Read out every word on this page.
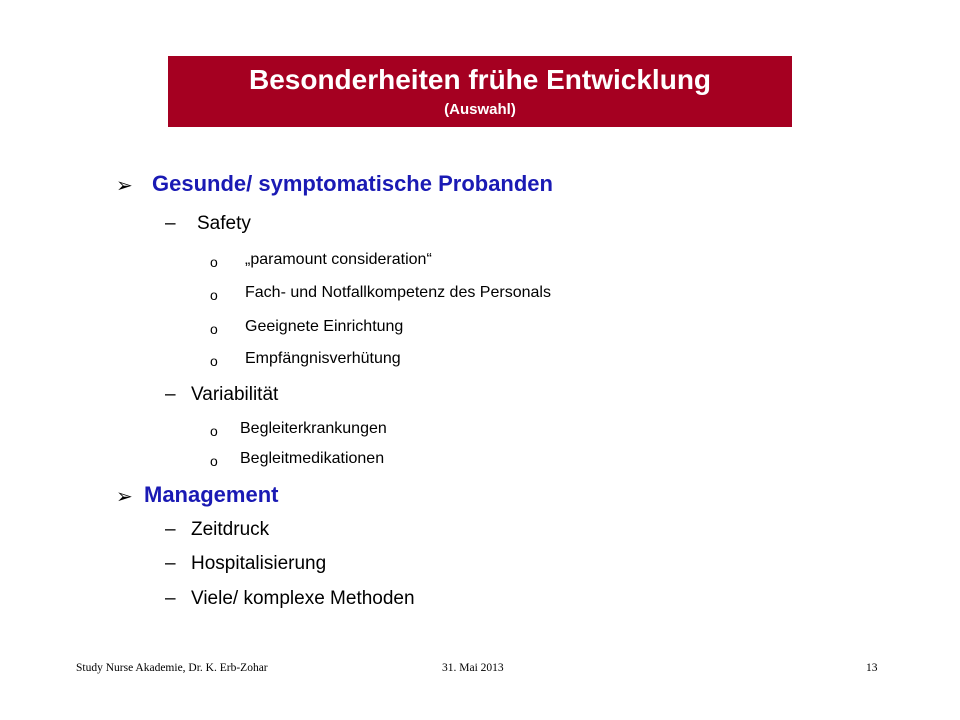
Besonderheiten frühe Entwicklung
(Auswahl)
➢ Gesunde/ symptomatische Probanden
– Safety
o „paramount consideration“
o Fach- und Notfallkompetenz des Personals
o Geeignete Einrichtung
o Empfängnisverhütung
– Variabilität
o Begleiterkrankungen
o Begleitmedikationen
➢ Management
– Zeitdruck
– Hospitalisierung
– Viele/ komplexe Methoden
Study Nurse Akademie, Dr. K. Erb-Zohar	31. Mai 2013	13
